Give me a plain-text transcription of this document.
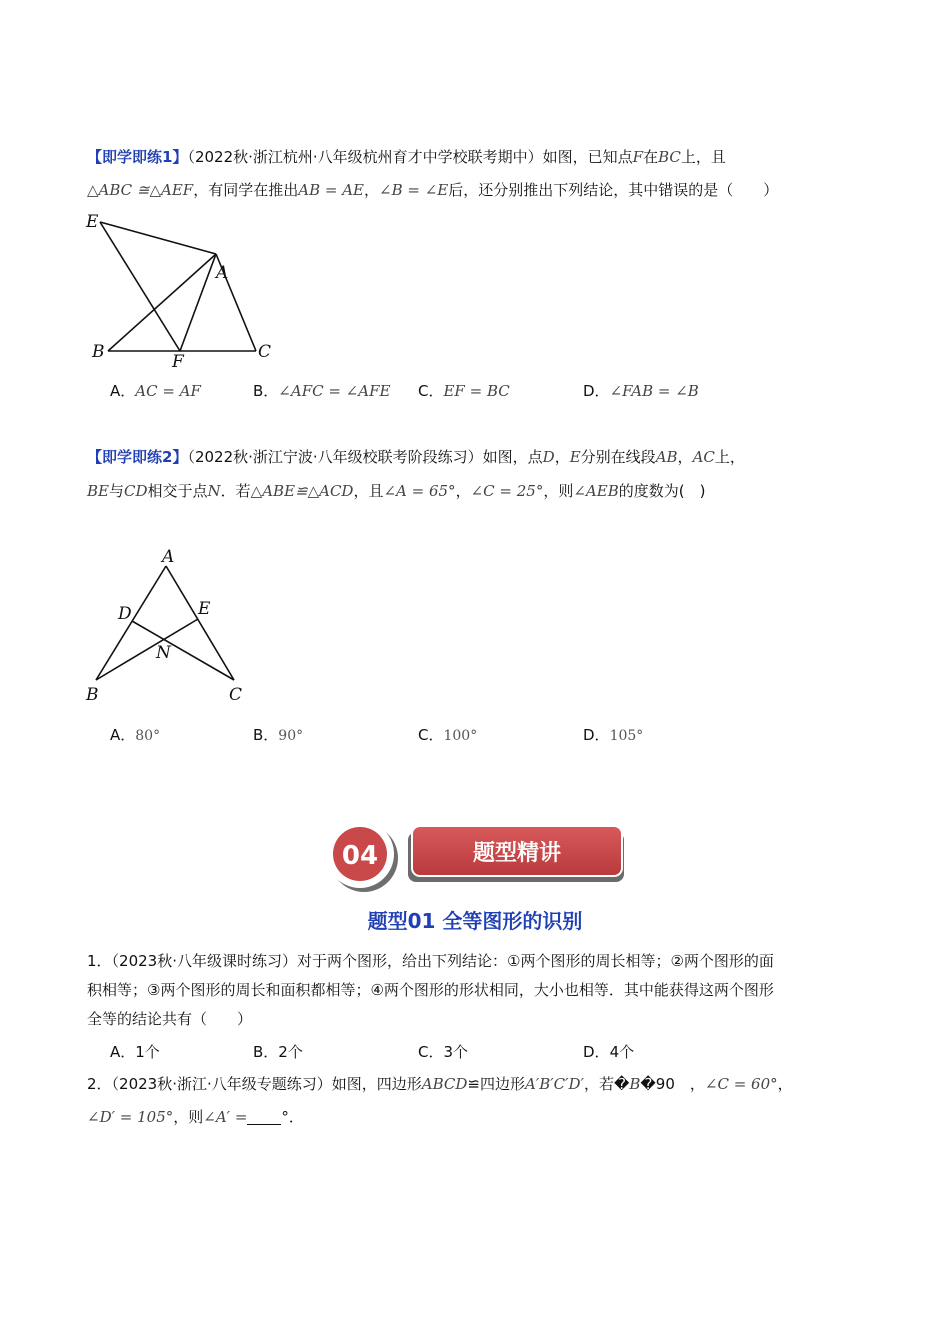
【即学即练1】（2022秋·浙江杭州·八年级杭州育才中学校联考期中）如图，已知点F在BC上，且
△ABC ≅△AEF，有同学在推出AB = AE，∠B = ∠E后，还分别推出下列结论，其中错误的是（　　）
E
A
B	F	C
A．AC = AF	B．∠AFC = ∠AFE C．EF = BC	D．∠FAB = ∠B
【即学即练2】（2022秋·浙江宁波·八年级校联考阶段练习）如图，点D，E分别在线段AB，AC上，
BE与CD相交于点N．若△ABE≌△ACD，且∠A = 65°，∠C = 25°，则∠AEB的度数为(　)
A
D	E
N
B	C
A．80°	B．90°	C．100°	D．105°
04	题型精讲
题型01 全等图形的识别
1．（2023秋·八年级课时练习）对于两个图形，给出下列结论：①两个图形的周长相等；②两个图形的面
积相等；③两个图形的周长和面积都相等；④两个图形的形状相同，大小也相等．其中能获得这两个图形
全等的结论共有（　　）
A．1个	B．2个	C．3个	D．4个
2．（2023秋·浙江·八年级专题练习）如图，四边形ABCD≌四边形A′B′C′D′，若�B�90　，∠C = 60°，
∠D′ = 105°，则∠A′ = °．
